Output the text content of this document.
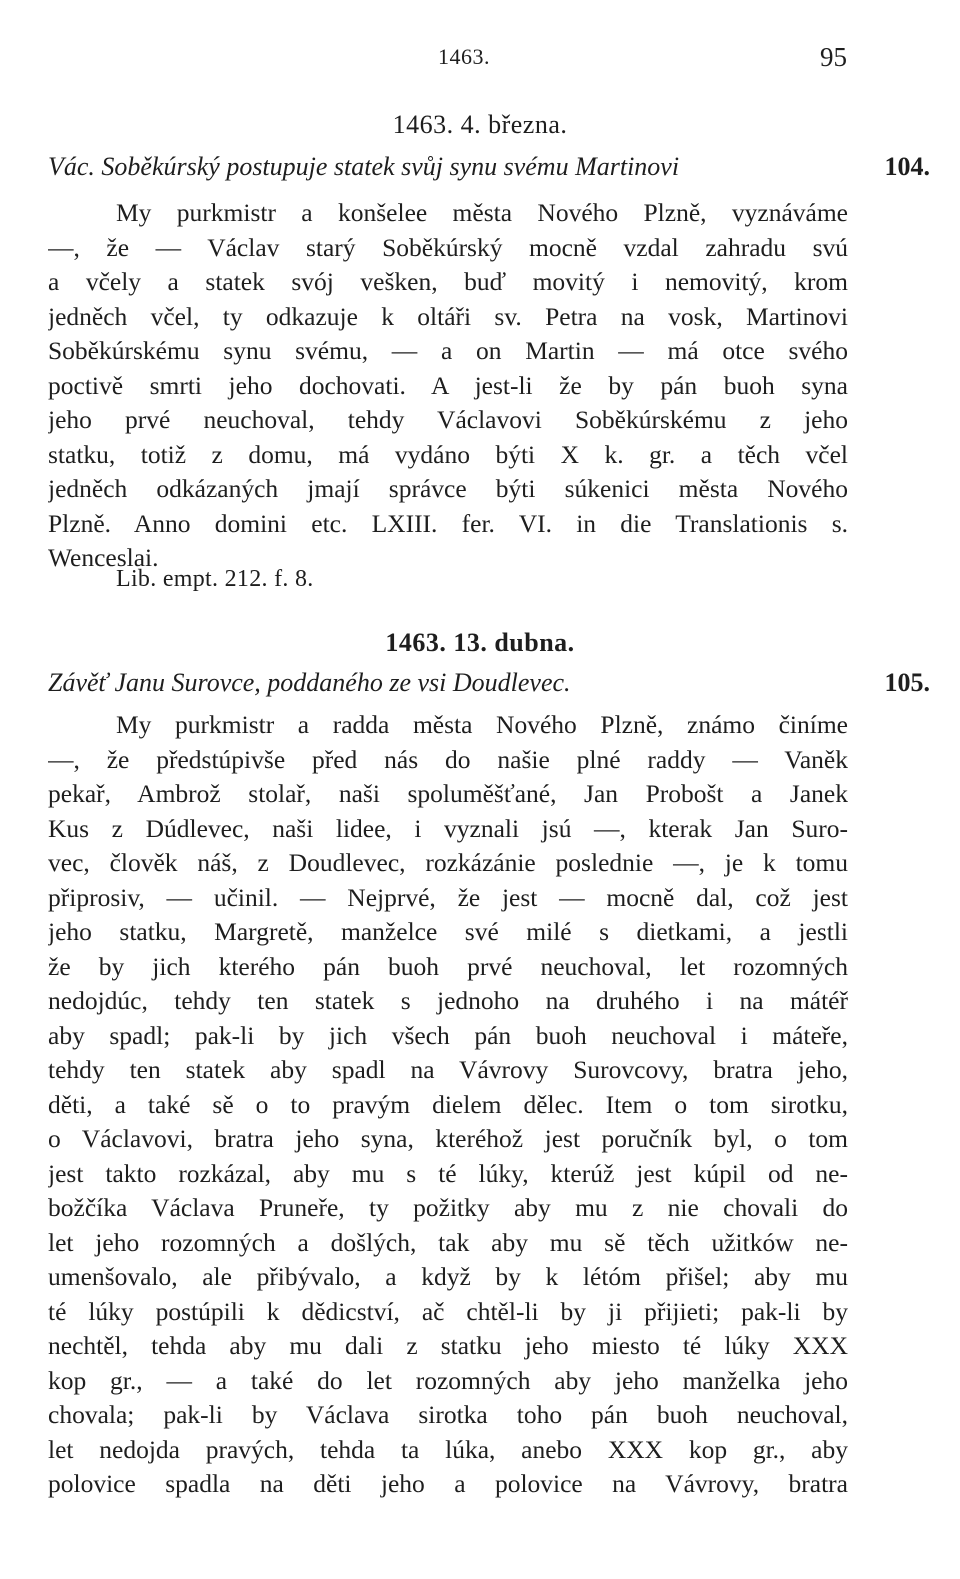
1463.	95
1463. 4. března.
Vác. Soběkúrský postupuje statek svůj synu svému Martinovi	104.
My purkmistr a konšelee města Nového Plzně, vyznáváme
—, že — Václav starý Soběkúrský mocně vzdal zahradu svú
a včely a statek svój vešken, buď movitý i nemovitý, krom
jedněch včel, ty odkazuje k oltáři sv. Petra na vosk, Martinovi
Soběkúrskému synu svému, — a on Martin — má otce svého
poctivě smrti jeho dochovati. A jest-li že by pán buoh syna
jeho prvé neuchoval, tehdy Václavovi Soběkúrskému z jeho
statku, totiž z domu, má vydáno býti X k. gr. a těch včel
jedněch odkázaných jmají správce býti súkenici města Nového
Plzně. Anno domini etc. LXIII. fer. VI. in die Translationis s.
Wenceslai.
Lib. empt. 212. f. 8.
1463. 13. dubna.
Závěť Janu Surovce, poddaného ze vsi Doudlevec.	105.
My purkmistr a radda města Nového Plzně, známo činíme
—, že předstúpivše před nás do našie plné raddy — Vaněk
pekař, Ambrož stolař, naši spoluměšťané, Jan Probošt a Janek
Kus z Dúdlevec, naši lidee, i vyznali jsú —, kterak Jan Suro-
vec, člověk náš, z Doudlevec, rozkázánie poslednie —, je k tomu
připrosiv, — učinil. — Nejprvé, že jest — mocně dal, což jest
jeho statku, Margretě, manželce své milé s dietkami, a jestli
že by jich kterého pán buoh prvé neuchoval, let rozomných
nedojdúc, tehdy ten statek s jednoho na druhého i na mátéř
aby spadl; pak-li by jich všech pán buoh neuchoval i máteře,
tehdy ten statek aby spadl na Vávrovy Surovcovy, bratra jeho,
děti, a také sě o to pravým dielem dělec. Item o tom sirotku,
o Václavovi, bratra jeho syna, kteréhož jest poručník byl, o tom
jest takto rozkázal, aby mu s té lúky, kterúž jest kúpil od ne-
božčíka Václava Pruneře, ty požitky aby mu z nie chovali do
let jeho rozomných a došlých, tak aby mu sě těch užitków ne-
umenšovalo, ale přibývalo, a když by k létóm přišel; aby mu
té lúky postúpili k dědicství, ač chtěl-li by ji přijieti; pak-li by
nechtěl, tehda aby mu dali z statku jeho miesto té lúky XXX
kop gr., — a také do let rozomných aby jeho manželka jeho
chovala; pak-li by Václava sirotka toho pán buoh neuchoval,
let nedojda pravých, tehda ta lúka, anebo XXX kop gr., aby
polovice spadla na děti jeho a polovice na Vávrovy, bratra
